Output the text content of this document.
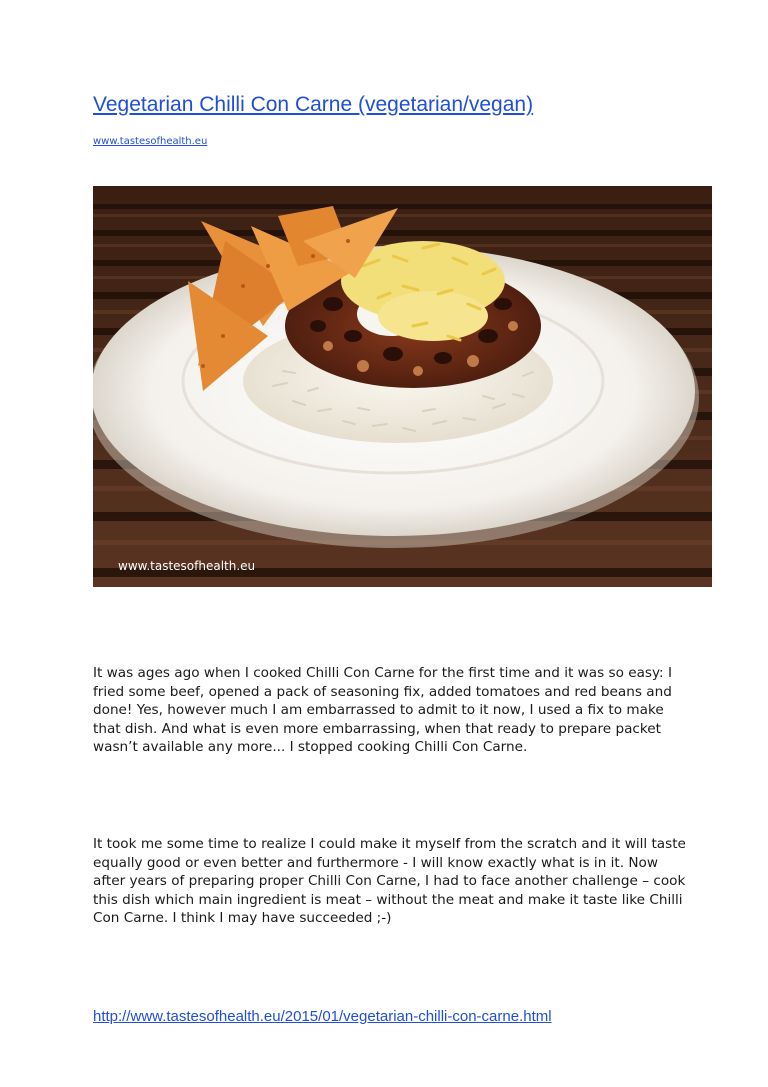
Vegetarian Chilli Con Carne (vegetarian/vegan)
www.tastesofhealth.eu
www.tastesofhealth.eu

It was ages ago when I cooked Chilli Con Carne for the first time and it was so easy: I fried some beef, opened a pack of seasoning fix, added tomatoes and red beans and done! Yes, however much I am embarrassed to admit to it now, I used a fix to make that dish. And what is even more embarrassing, when that ready to prepare packet wasn’t available any more... I stopped cooking Chilli Con Carne.

It took me some time to realize I could make it myself from the scratch and it will taste equally good or even better and furthermore - I will know exactly what is in it. Now after years of preparing proper Chilli Con Carne, I had to face another challenge – cook this dish which main ingredient is meat – without the meat and make it taste like Chilli Con Carne. I think I may have succeeded ;-)

http://www.tastesofhealth.eu/2015/01/vegetarian-chilli-con-carne.html
